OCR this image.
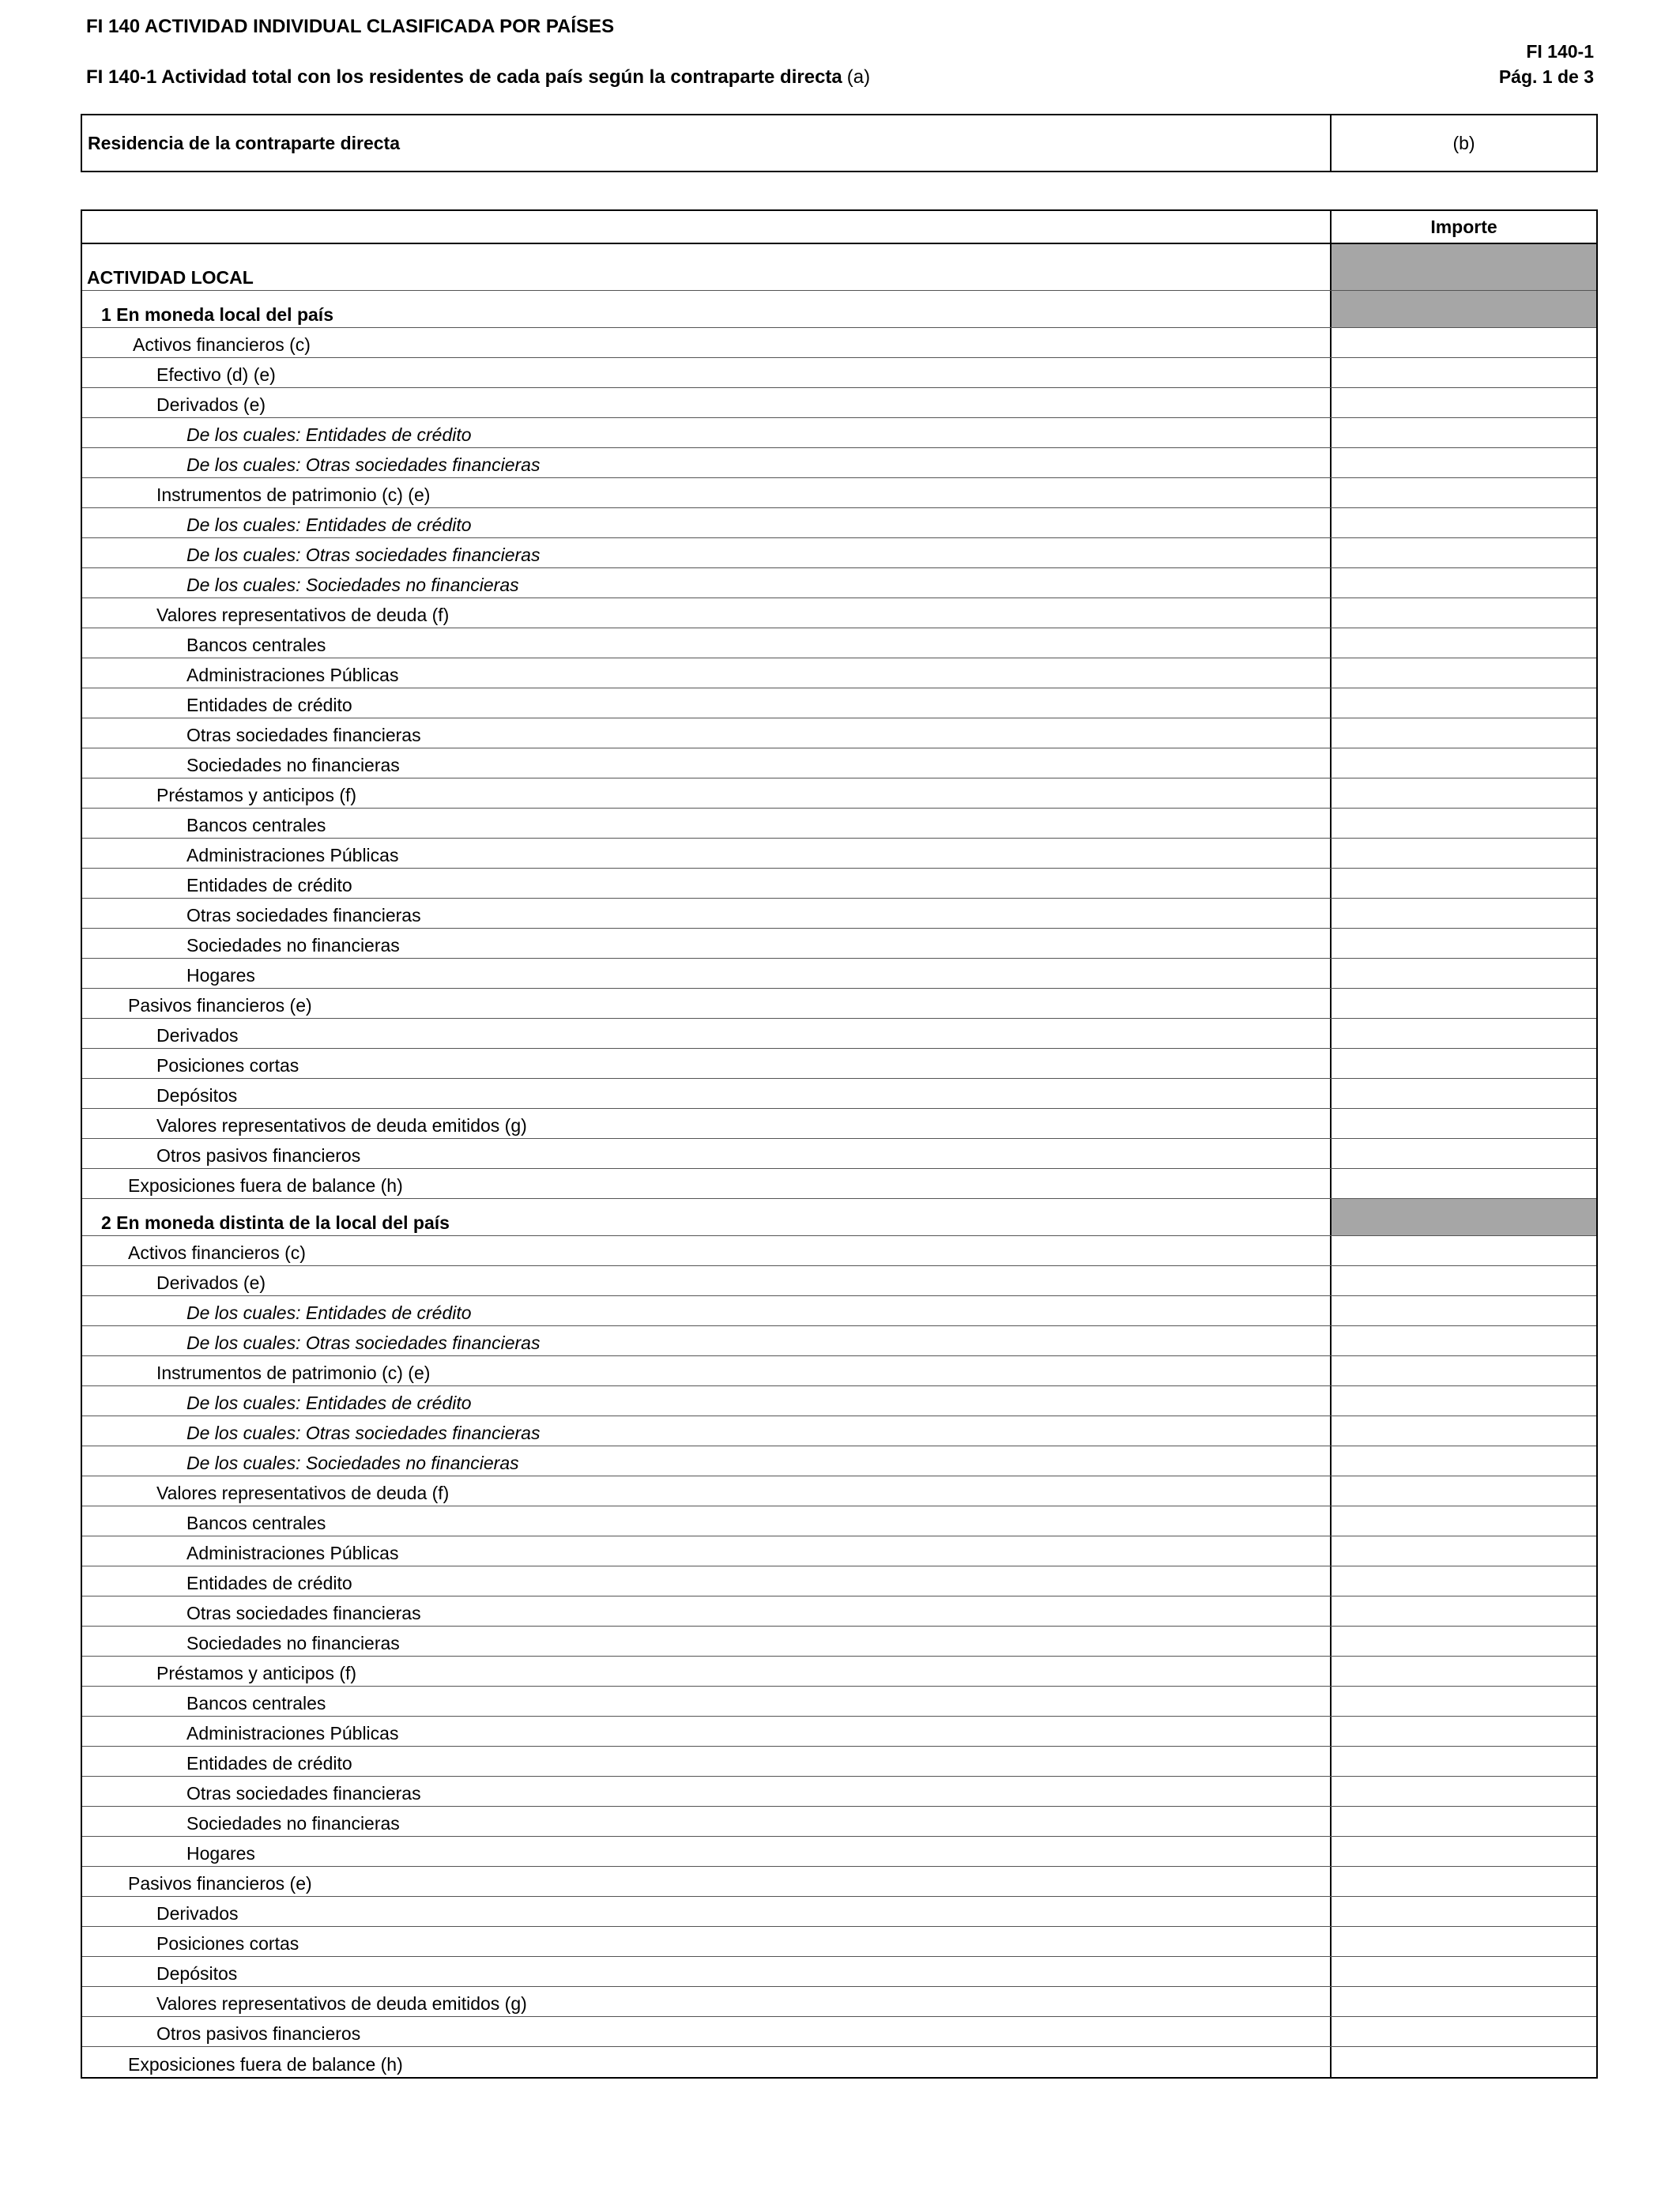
FI 140 ACTIVIDAD INDIVIDUAL CLASIFICADA POR PAÍSES
FI 140-1 Actividad total con los residentes de cada país según la contraparte directa (a)
FI 140-1
Pág. 1 de 3
Residencia de la contraparte directa	(b)
Importe
ACTIVIDAD LOCAL
1 En moneda local del país
Activos financieros (c)
Efectivo (d) (e)
Derivados (e)
De los cuales: Entidades de crédito
De los cuales: Otras sociedades financieras
Instrumentos de patrimonio (c) (e)
De los cuales: Entidades de crédito
De los cuales: Otras sociedades financieras
De los cuales: Sociedades no financieras
Valores representativos de deuda (f)
Bancos centrales
Administraciones Públicas
Entidades de crédito
Otras sociedades financieras
Sociedades no financieras
Préstamos y anticipos (f)
Bancos centrales
Administraciones Públicas
Entidades de crédito
Otras sociedades financieras
Sociedades no financieras
Hogares
Pasivos financieros (e)
Derivados
Posiciones cortas
Depósitos
Valores representativos de deuda emitidos (g)
Otros pasivos financieros
Exposiciones fuera de balance (h)
2 En moneda distinta de la local del país
Activos financieros (c)
Derivados (e)
De los cuales: Entidades de crédito
De los cuales: Otras sociedades financieras
Instrumentos de patrimonio (c) (e)
De los cuales: Entidades de crédito
De los cuales: Otras sociedades financieras
De los cuales: Sociedades no financieras
Valores representativos de deuda (f)
Bancos centrales
Administraciones Públicas
Entidades de crédito
Otras sociedades financieras
Sociedades no financieras
Préstamos y anticipos (f)
Bancos centrales
Administraciones Públicas
Entidades de crédito
Otras sociedades financieras
Sociedades no financieras
Hogares
Pasivos financieros (e)
Derivados
Posiciones cortas
Depósitos
Valores representativos de deuda emitidos (g)
Otros pasivos financieros
Exposiciones fuera de balance (h)
